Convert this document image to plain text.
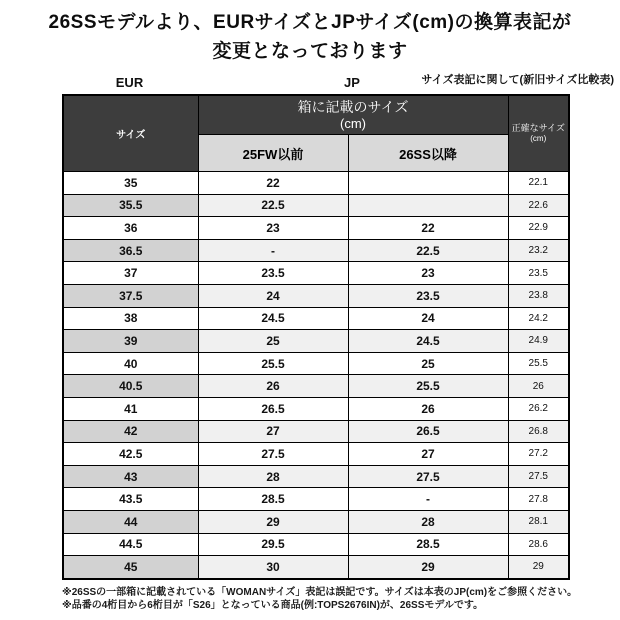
26SSモデルより、EURサイズとJPサイズ(cm)の換算表記が
変更となっております
EUR	JP	サイズ表記に関して(新旧サイズ比較表)
サイズ	
箱に記載のサイズ
(cm)	正確なサイズ
(cm)

	25FW以前	26SS以降	
35	22		22.1
35.5	22.5		22.6
36	23	22	22.9
36.5	-	22.5	23.2
37	23.5	23	23.5
37.5	24	23.5	23.8
38	24.5	24	24.2
39	25	24.5	24.9
40	25.5	25	25.5
40.5	26	25.5	26
41	26.5	26	26.2
42	27	26.5	26.8
42.5	27.5	27	27.2
43	28	27.5	27.5
43.5	28.5	-	27.8
44	29	28	28.1
44.5	29.5	28.5	28.6
45	30	29	29
※26SSの一部箱に記載されている「WOMANサイズ」表記は誤記です。サイズは本表のJP(cm)をご参照ください。
※品番の4桁目から6桁目が「S26」となっている商品(例:TOPS2676IN)が、26SSモデルです。
